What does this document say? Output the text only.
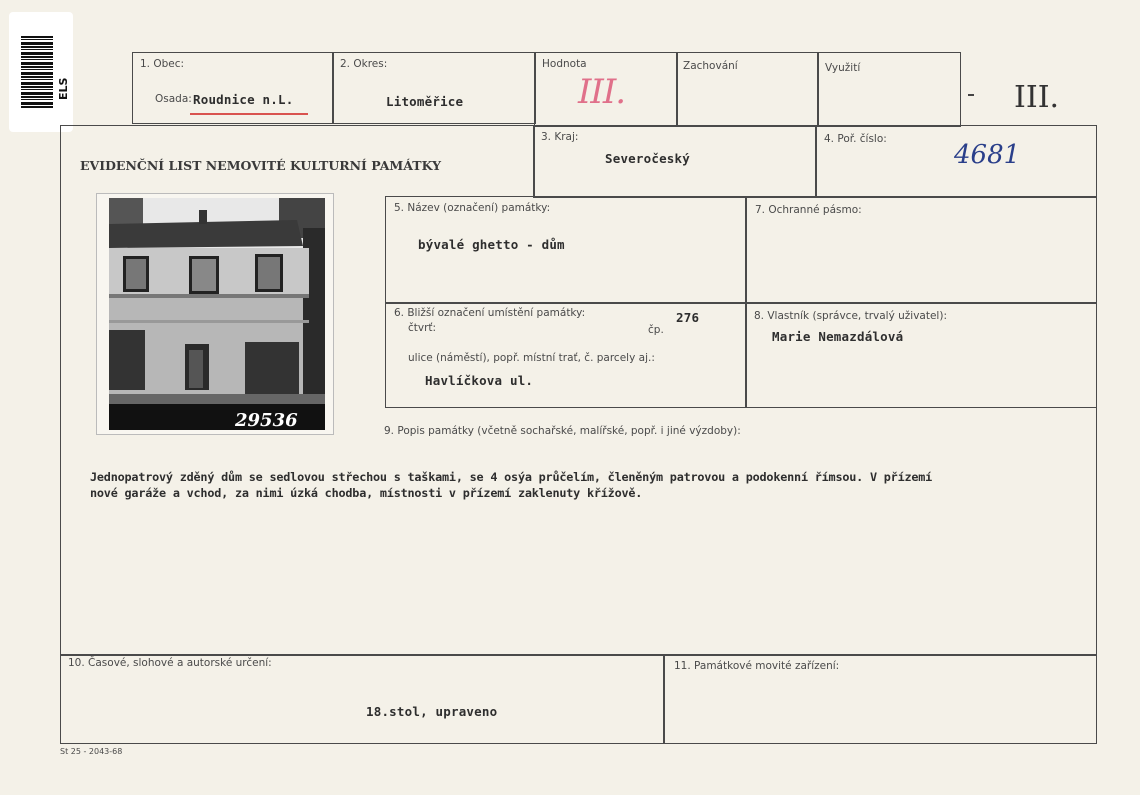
ELS
1. Obec:
Osada: Roudnice n.L.
2. Okres:
Litoměřice
Hodnota
III.
Zachování	Využití
III.
EVIDENČNÍ LIST NEMOVITÉ KULTURNÍ PAMÁTKY
3. Kraj:
Severočeský
4. Poř. číslo:
4681
29536
5. Název (označení) památky:
bývalé ghetto - dům
7. Ochranné pásmo:
6. Bližší označení umístění památky:
čtvrť:	čp.
276
ulice (náměstí), popř. místní trať, č. parcely aj.:
Havlíčkova ul.
8. Vlastník (správce, trvalý uživatel):
Marie Nemazdálová
9. Popis památky (včetně sochařské, malířské, popř. i jiné výzdoby):
Jednopatrový zděný dům se sedlovou střechou s taškami, se 4 osýa průčelím, členěným patrovou a podokenní římsou. V přízemí
nové garáže a vchod, za nimi úzká chodba, místnosti v přízemí zaklenuty křížově.
10. Časové, slohové a autorské určení:
18.stol, upraveno
11. Památkové movité zařízení:
St 25 - 2043-68
